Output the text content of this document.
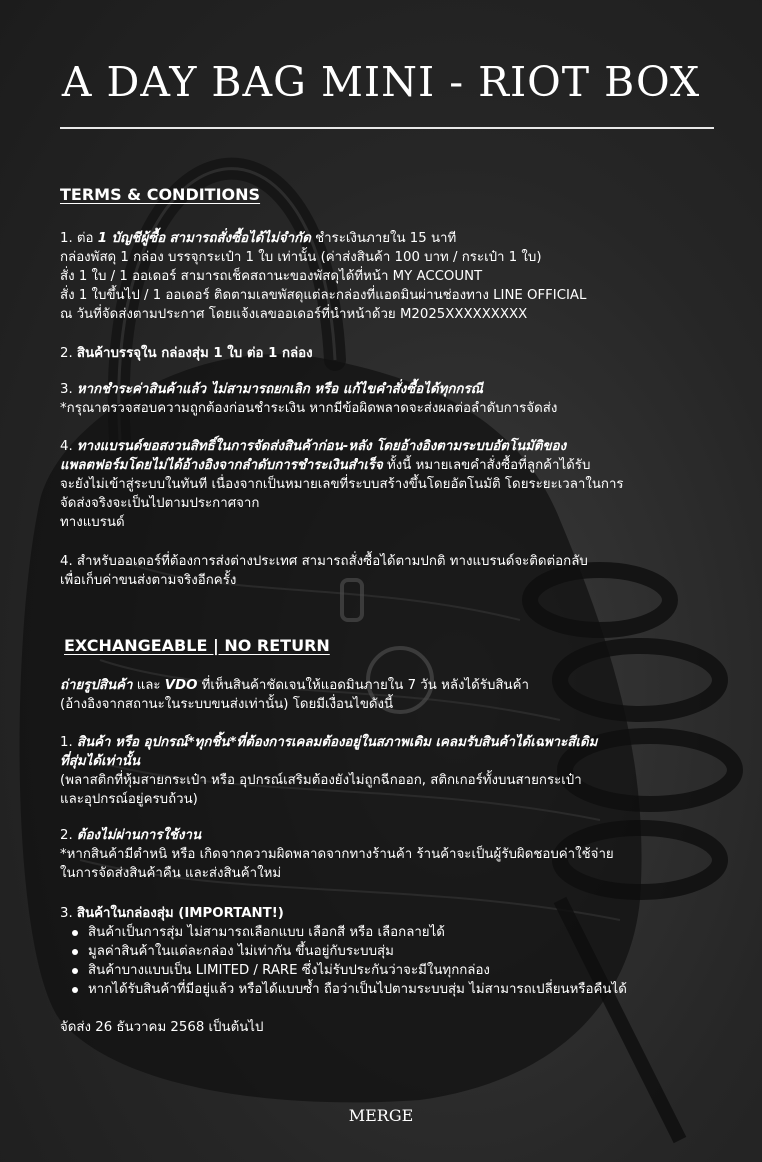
A DAY BAG MINI - RIOT BOX
TERMS & CONDITIONS

1. ต่อ 1 บัญชีผู้ซื้อ สามารถสั่งซื้อได้ไม่จำกัด ชำระเงินภายใน 15 นาที

กล่องพัสดุ 1 กล่อง บรรจุกระเป๋า 1 ใบ เท่านั้น (ค่าส่งสินค้า 100 บาท / กระเป๋า 1 ใบ)

สั่ง 1 ใบ / 1 ออเดอร์ สามารถเช็คสถานะของพัสดุได้ที่หน้า MY ACCOUNT

สั่ง 1 ใบขึ้นไป / 1 ออเดอร์ ติดตามเลขพัสดุแต่ละกล่องที่แอดมินผ่านช่องทาง LINE OFFICIAL

ณ วันที่จัดส่งตามประกาศ โดยแจ้งเลขออเดอร์ที่นำหน้าด้วย M2025XXXXXXXXX

2. สินค้าบรรจุใน กล่องสุ่ม 1 ใบ ต่อ 1 กล่อง

3. หากชำระค่าสินค้าแล้ว ไม่สามารถยกเลิก หรือ แก้ไขคำสั่งซื้อได้ทุกกรณี

*กรุณาตรวจสอบความถูกต้องก่อนชำระเงิน หากมีข้อผิดพลาดจะส่งผลต่อลำดับการจัดส่ง

4. ทางแบรนด์ขอสงวนสิทธิ์ในการจัดส่งสินค้าก่อน-หลัง โดยอ้างอิงตามระบบอัตโนมัติของ

แพลตฟอร์มโดยไม่ได้อ้างอิงจากลำดับการชำระเงินสำเร็จ ทั้งนี้ หมายเลขคำสั่งซื้อที่ลูกค้าได้รับ

จะยังไม่เข้าสู่ระบบในทันที เนื่องจากเป็นหมายเลขที่ระบบสร้างขึ้นโดยอัตโนมัติ โดยระยะเวลาในการ

จัดส่งจริงจะเป็นไปตามประกาศจาก

ทางแบรนด์

4. สำหรับออเดอร์ที่ต้องการส่งต่างประเทศ สามารถสั่งซื้อได้ตามปกติ ทางแบรนด์จะติดต่อกลับ

เพื่อเก็บค่าขนส่งตามจริงอีกครั้ง

EXCHANGEABLE | NO RETURN

ถ่ายรูปสินค้า และ VDO ที่เห็นสินค้าชัดเจนให้แอดมินภายใน 7 วัน หลังได้รับสินค้า

(อ้างอิงจากสถานะในระบบขนส่งเท่านั้น) โดยมีเงื่อนไขดังนี้

1. สินค้า หรือ อุปกรณ์*ทุกชิ้น*ที่ต้องการเคลมต้องอยู่ในสภาพเดิม เคลมรับสินค้าได้เฉพาะสีเดิม

ที่สุ่มได้เท่านั้น

(พลาสติกที่หุ้มสายกระเป๋า หรือ อุปกรณ์เสริมต้องยังไม่ถูกฉีกออก, สติกเกอร์ทั้งบนสายกระเป๋า

และอุปกรณ์อยู่ครบถ้วน)

2. ต้องไม่ผ่านการใช้งาน

*หากสินค้ามีตำหนิ หรือ เกิดจากความผิดพลาดจากทางร้านค้า ร้านค้าจะเป็นผู้รับผิดชอบค่าใช้จ่าย

ในการจัดส่งสินค้าคืน และส่งสินค้าใหม่

3. สินค้าในกล่องสุ่ม (IMPORTANT!)

สินค้าเป็นการสุ่ม ไม่สามารถเลือกแบบ เลือกสี หรือ เลือกลายได้
มูลค่าสินค้าในแต่ละกล่อง ไม่เท่ากัน ขึ้นอยู่กับระบบสุ่ม
สินค้าบางแบบเป็น LIMITED / RARE ซึ่งไม่รับประกันว่าจะมีในทุกกล่อง
หากได้รับสินค้าที่มีอยู่แล้ว หรือได้แบบซ้ำ ถือว่าเป็นไปตามระบบสุ่ม ไม่สามารถเปลี่ยนหรือคืนได้

จัดส่ง 26 ธันวาคม 2568 เป็นต้นไป

MERGE
